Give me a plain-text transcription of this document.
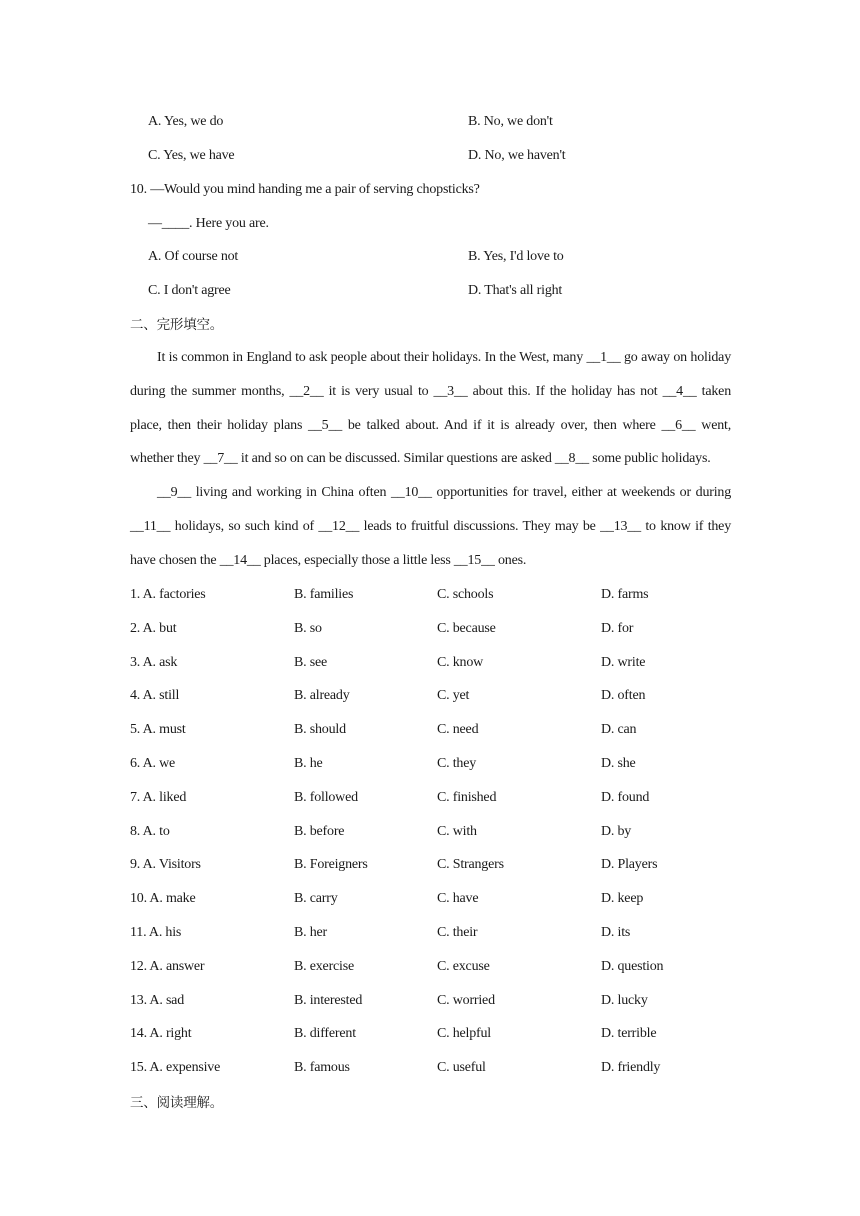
A. Yes, we do	B. No, we don't
C. Yes, we have	D. No, we haven't
10. —Would you mind handing me a pair of serving chopsticks?
—____. Here you are.
A. Of course not	B. Yes, I'd love to
C. I don't agree	D. That's all right
二、完形填空。

It is common in England to ask people about their holidays. In the West, many __1__ go away on holiday during the summer months, __2__ it is very usual to __3__ about this. If the holiday has not __4__ taken place, then their holiday plans __5__ be talked about. And if it is already over, then where __6__ went, whether they __7__ it and so on can be discussed. Similar questions are asked __8__ some public holidays.

__9__ living and working in China often __10__ opportunities for travel, either at weekends or during __11__ holidays, so such kind of __12__ leads to fruitful discussions. They may be __13__ to know if they have chosen the __14__ places, especially those a little less __15__ ones.

1. A. factories	B. families	C. schools	D. farms
2. A. but	B. so	C. because	D. for
3. A. ask	B. see	C. know	D. write
4. A. still	B. already	C. yet	D. often
5. A. must	B. should	C. need	D. can
6. A. we	B. he	C. they	D. she
7. A. liked	B. followed	C. finished	D. found
8. A. to	B. before	C. with	D. by
9. A. Visitors	B. Foreigners	C. Strangers	D. Players
10. A. make	B. carry	C. have	D. keep
11. A. his	B. her	C. their	D. its
12. A. answer	B. exercise	C. excuse	D. question
13. A. sad	B. interested	C. worried	D. lucky
14. A. right	B. different	C. helpful	D. terrible
15. A. expensive	B. famous	C. useful	D. friendly
三、阅读理解。
